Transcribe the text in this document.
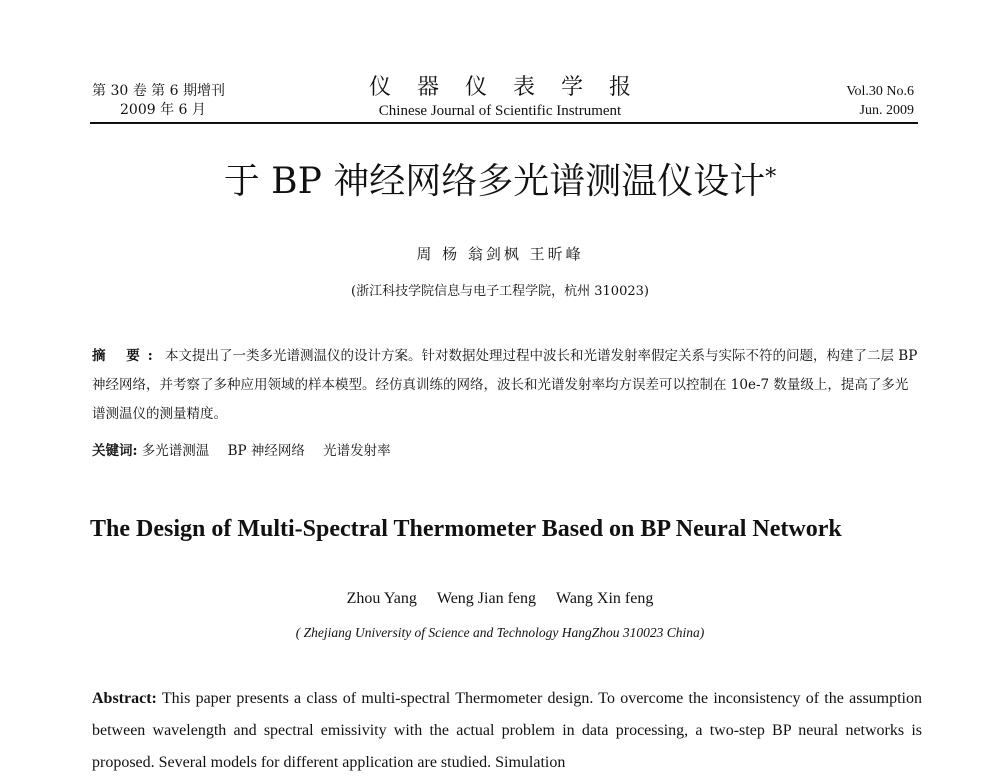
第 30 卷 第 6 期增刊
2009 年 6 月
仪器仪表学报
Chinese Journal of Scientific Instrument
Vol.30 No.6
Jun. 2009
于 BP 神经网络多光谱测温仪设计*
周 杨 翁剑枫 王昕峰
(浙江科技学院信息与电子工程学院，杭州 310023)
摘 要: 本文提出了一类多光谱测温仪的设计方案。针对数据处理过程中波长和光谱发射率假定关系与实际不符的问题，构建了二层 BP 神经网络，并考察了多种应用领域的样本模型。经仿真训练的网络，波长和光谱发射率均方误差可以控制在 10e-7 数量级上，提高了多光谱测温仪的测量精度。
关键词: 多光谱测温 BP 神经网络 光谱发射率
The Design of Multi-Spectral Thermometer Based on BP Neural Network
Zhou Yang Weng Jian feng Wang Xin feng
( Zhejiang University of Science and Technology HangZhou 310023 China)
Abstract: This paper presents a class of multi-spectral Thermometer design. To overcome the inconsistency of the assumption between wavelength and spectral emissivity with the actual problem in data processing, a two-step BP neural networks is proposed. Several models for different application are studied. Simulation
